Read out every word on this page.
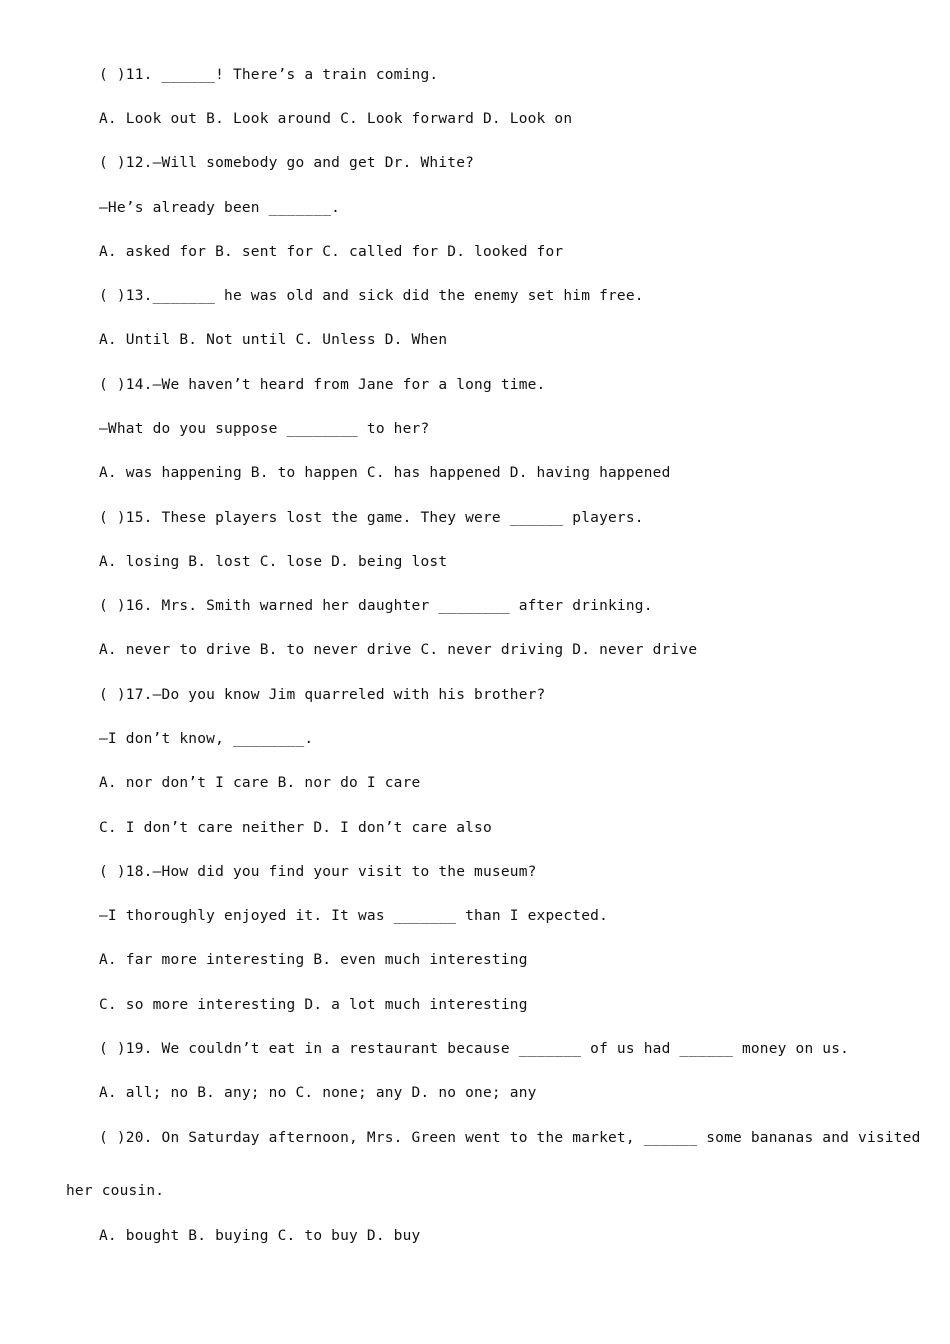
( )11. ______! There’s a train coming.
A. Look out B. Look around C. Look forward D. Look on
( )12.—Will somebody go and get Dr. White?
—He’s already been _______.
A. asked for B. sent for C. called for D. looked for
( )13._______ he was old and sick did the enemy set him free.
A. Until B. Not until C. Unless D. When
( )14.—We haven’t heard from Jane for a long time.
—What do you suppose ________ to her?
A. was happening B. to happen C. has happened D. having happened
( )15. These players lost the game. They were ______ players.
A. losing B. lost C. lose D. being lost
( )16. Mrs. Smith warned her daughter ________ after drinking.
A. never to drive B. to never drive C. never driving D. never drive
( )17.—Do you know Jim quarreled with his brother?
—I don’t know, ________.
A. nor don’t I care B. nor do I care
C. I don’t care neither D. I don’t care also
( )18.—How did you find your visit to the museum?
—I thoroughly enjoyed it. It was _______ than I expected.
A. far more interesting B. even much interesting
C. so more interesting D. a lot much interesting
( )19. We couldn’t eat in a restaurant because _______ of us had ______ money on us.
A. all; no B. any; no C. none; any D. no one; any
( )20. On Saturday afternoon, Mrs. Green went to the market, ______ some bananas and visited
her cousin.
A. bought B. buying C. to buy D. buy
